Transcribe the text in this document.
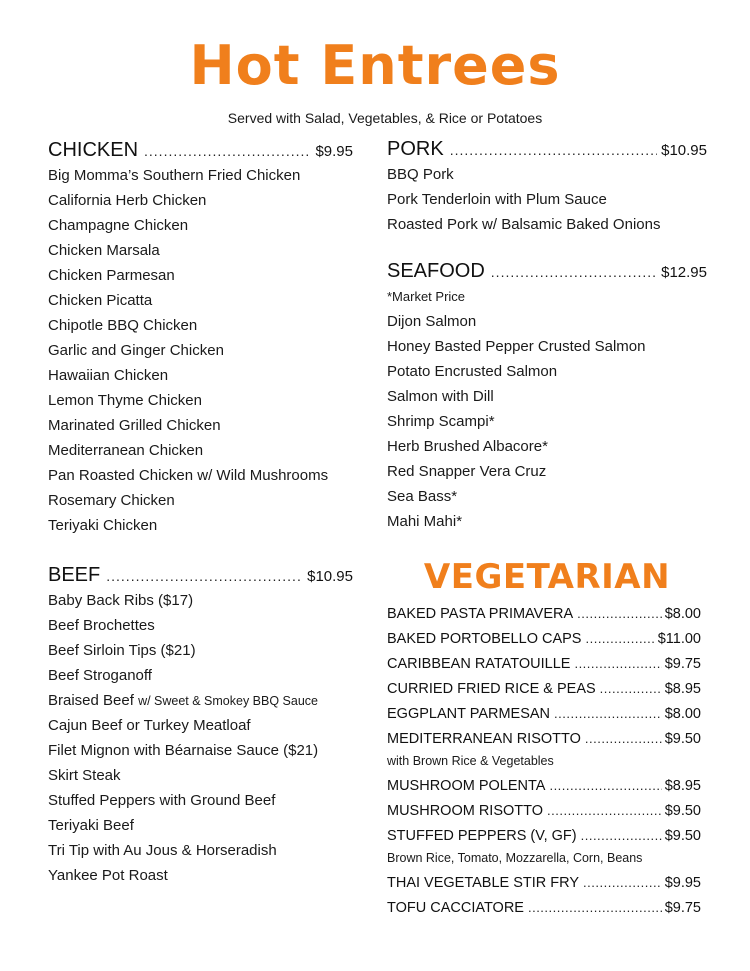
Hot Entrees
Served with Salad, Vegetables, & Rice or Potatoes
CHICKEN .....	$9.95
Big Momma’s Southern Fried Chicken
California Herb Chicken
Champagne Chicken
Chicken Marsala
Chicken Parmesan
Chicken Picatta
Chipotle BBQ Chicken
Garlic and Ginger Chicken
Hawaiian Chicken
Lemon Thyme Chicken
Marinated Grilled Chicken
Mediterranean Chicken
Pan Roasted Chicken w/ Wild Mushrooms
Rosemary Chicken
Teriyaki Chicken
BEEF .....	$10.95
Baby Back Ribs ($17)
Beef Brochettes
Beef Sirloin Tips ($21)
Beef Stroganoff
Braised Beef w/ Sweet & Smokey BBQ Sauce
Cajun Beef or Turkey Meatloaf
Filet Mignon with Béarnaise Sauce ($21)
Skirt Steak
Stuffed Peppers with Ground Beef
Teriyaki Beef
Tri Tip with Au Jous & Horseradish
Yankee Pot Roast
PORK .....	$10.95
BBQ Pork
Pork Tenderloin with Plum Sauce
Roasted Pork w/ Balsamic Baked Onions
SEAFOOD .....	$12.95
*Market Price
Dijon Salmon
Honey Basted Pepper Crusted Salmon
Potato Encrusted Salmon
Salmon with Dill
Shrimp Scampi*
Herb Brushed Albacore*
Red Snapper Vera Cruz
Sea Bass*
Mahi Mahi*
VEGETARIAN
BAKED PASTA PRIMAVERA .....	$8.00
BAKED PORTOBELLO CAPS .....	$11.00
CARIBBEAN RATATOUILLE .....	$9.75
CURRIED FRIED RICE & PEAS .....	$8.95
EGGPLANT PARMESAN .....	$8.00
MEDITERRANEAN RISOTTO .....	$9.50
with Brown Rice & Vegetables
MUSHROOM POLENTA .....	$8.95
MUSHROOM RISOTTO .....	$9.50
STUFFED PEPPERS (V, GF) .....	$9.50
Brown Rice, Tomato, Mozzarella, Corn, Beans
THAI VEGETABLE STIR FRY .....	$9.95
TOFU CACCIATORE .....	$9.75
